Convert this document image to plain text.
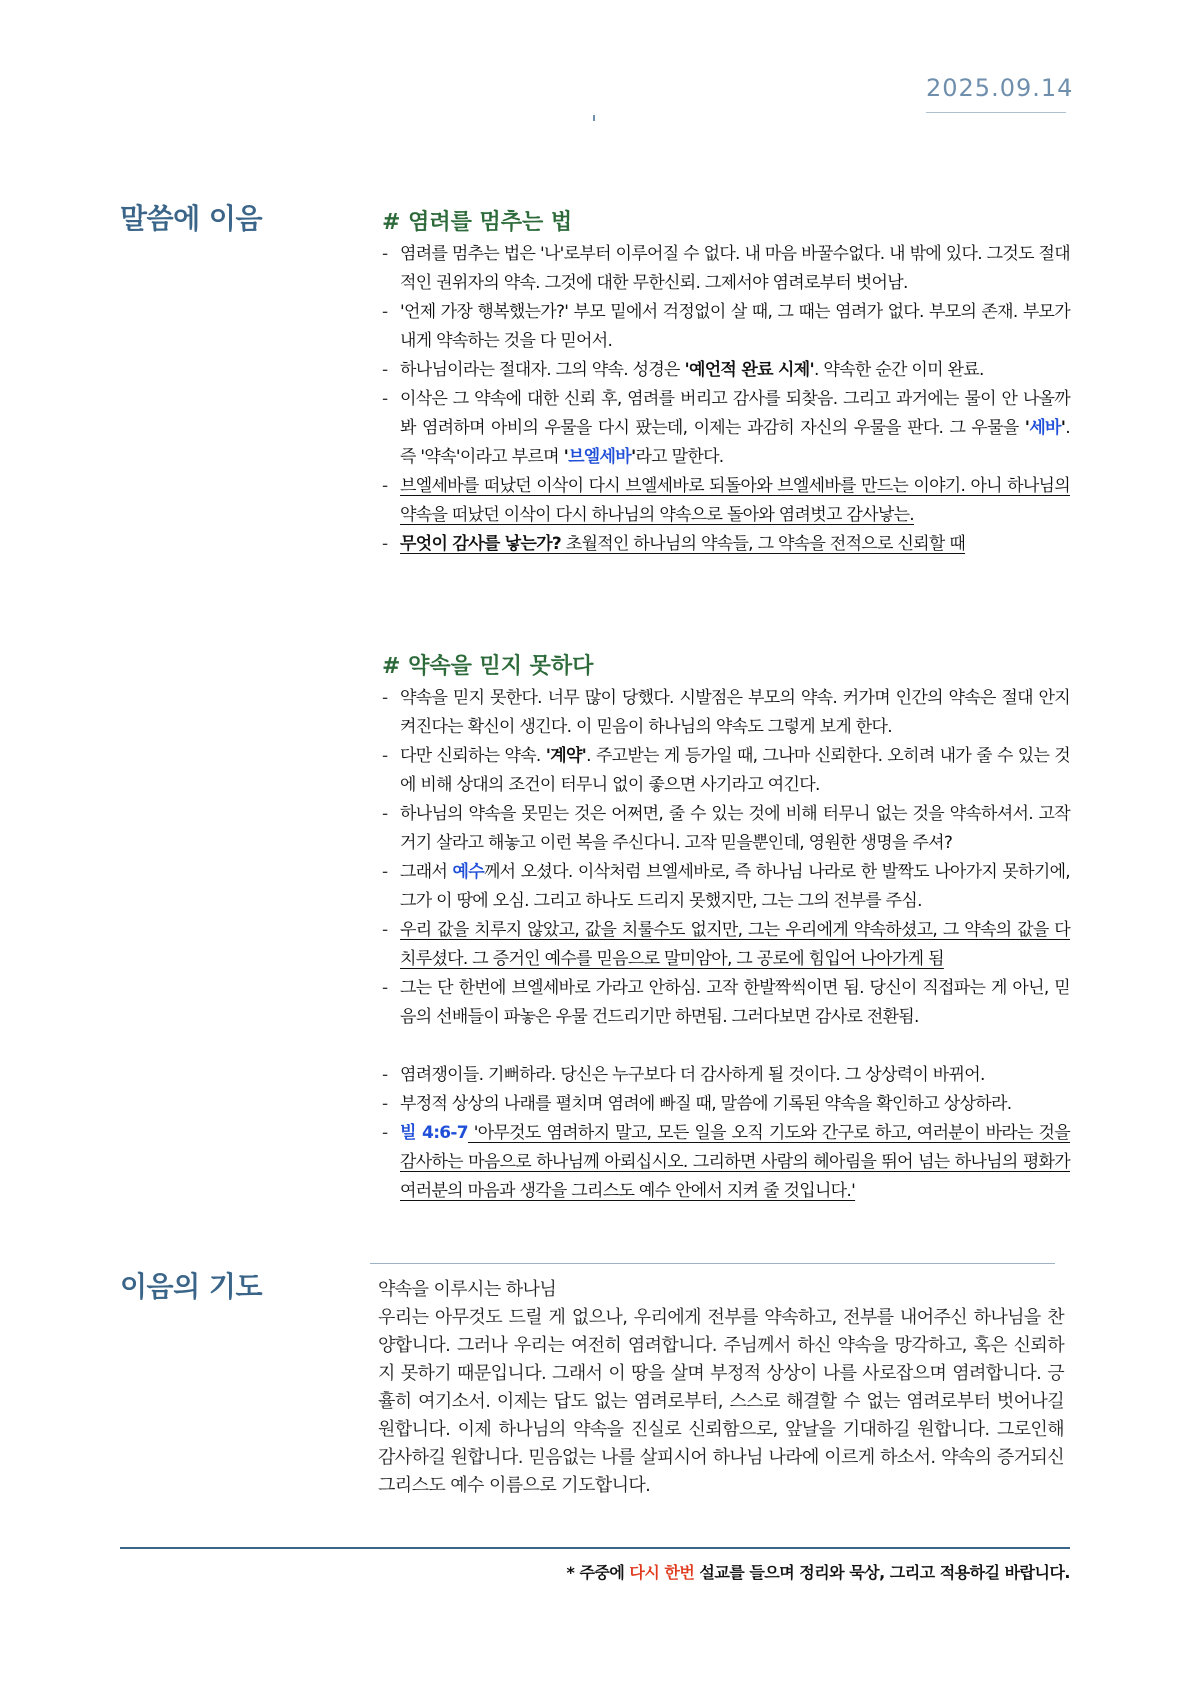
2025.09.14
말씀에 이음	# 염려를 멈추는 법
- 염려를 멈추는 법은 '나'로부터 이루어질 수 없다. 내 마음 바꿀수없다. 내 밖에 있다. 그것도 절대적인 권위자의 약속. 그것에 대한 무한신뢰. 그제서야 염려로부터 벗어남.
- '언제 가장 행복했는가?' 부모 밑에서 걱정없이 살 때, 그 때는 염려가 없다. 부모의 존재. 부모가 내게 약속하는 것을 다 믿어서.
- 하나님이라는 절대자. 그의 약속. 성경은 '예언적 완료 시제'. 약속한 순간 이미 완료.
- 이삭은 그 약속에 대한 신뢰 후, 염려를 버리고 감사를 되찾음. 그리고 과거에는 물이 안 나올까봐 염려하며 아비의 우물을 다시 팠는데, 이제는 과감히 자신의 우물을 판다. 그 우물을 '세바'. 즉 '약속'이라고 부르며 '브엘세바'라고 말한다.
- 브엘세바를 떠났던 이삭이 다시 브엘세바로 되돌아와 브엘세바를 만드는 이야기. 아니 하나님의 약속을 떠났던 이삭이 다시 하나님의 약속으로 돌아와 염려벗고 감사낳는.
- 무엇이 감사를 낳는가? 초월적인 하나님의 약속들, 그 약속을 전적으로 신뢰할 때
# 약속을 믿지 못하다
- 약속을 믿지 못한다. 너무 많이 당했다. 시발점은 부모의 약속. 커가며 인간의 약속은 절대 안지켜진다는 확신이 생긴다. 이 믿음이 하나님의 약속도 그렇게 보게 한다.
- 다만 신뢰하는 약속. '계약'. 주고받는 게 등가일 때, 그나마 신뢰한다. 오히려 내가 줄 수 있는 것에 비해 상대의 조건이 터무니 없이 좋으면 사기라고 여긴다.
- 하나님의 약속을 못믿는 것은 어쩌면, 줄 수 있는 것에 비해 터무니 없는 것을 약속하셔서. 고작 거기 살라고 해놓고 이런 복을 주신다니. 고작 믿을뿐인데, 영원한 생명을 주셔?
- 그래서 예수께서 오셨다. 이삭처럼 브엘세바로, 즉 하나님 나라로 한 발짝도 나아가지 못하기에, 그가 이 땅에 오심. 그리고 하나도 드리지 못했지만, 그는 그의 전부를 주심.
- 우리 값을 치루지 않았고, 값을 치룰수도 없지만, 그는 우리에게 약속하셨고, 그 약속의 값을 다 치루셨다. 그 증거인 예수를 믿음으로 말미암아, 그 공로에 힘입어 나아가게 됨
- 그는 단 한번에 브엘세바로 가라고 안하심. 고작 한발짝씩이면 됨. 당신이 직접파는 게 아닌, 믿음의 선배들이 파놓은 우물 건드리기만 하면됨. 그러다보면 감사로 전환됨.
- 염려쟁이들. 기뻐하라. 당신은 누구보다 더 감사하게 될 것이다. 그 상상력이 바뀌어.
- 부정적 상상의 나래를 펼치며 염려에 빠질 때, 말씀에 기록된 약속을 확인하고 상상하라.
- 빌 4:6-7 '아무것도 염려하지 말고, 모든 일을 오직 기도와 간구로 하고, 여러분이 바라는 것을 감사하는 마음으로 하나님께 아뢰십시오. 그리하면 사람의 헤아림을 뛰어 넘는 하나님의 평화가 여러분의 마음과 생각을 그리스도 예수 안에서 지켜 줄 것입니다.'
이음의 기도	약속을 이루시는 하나님

우리는 아무것도 드릴 게 없으나, 우리에게 전부를 약속하고, 전부를 내어주신 하나님을 찬양합니다. 그러나 우리는 여전히 염려합니다. 주님께서 하신 약속을 망각하고, 혹은 신뢰하지 못하기 때문입니다. 그래서 이 땅을 살며 부정적 상상이 나를 사로잡으며 염려합니다. 긍휼히 여기소서. 이제는 답도 없는 염려로부터, 스스로 해결할 수 없는 염려로부터 벗어나길 원합니다. 이제 하나님의 약속을 진실로 신뢰함으로, 앞날을 기대하길 원합니다. 그로인해 감사하길 원합니다. 믿음없는 나를 살피시어 하나님 나라에 이르게 하소서. 약속의 증거되신 그리스도 예수 이름으로 기도합니다.

* 주중에 다시 한번 설교를 들으며 정리와 묵상, 그리고 적용하길 바랍니다.
